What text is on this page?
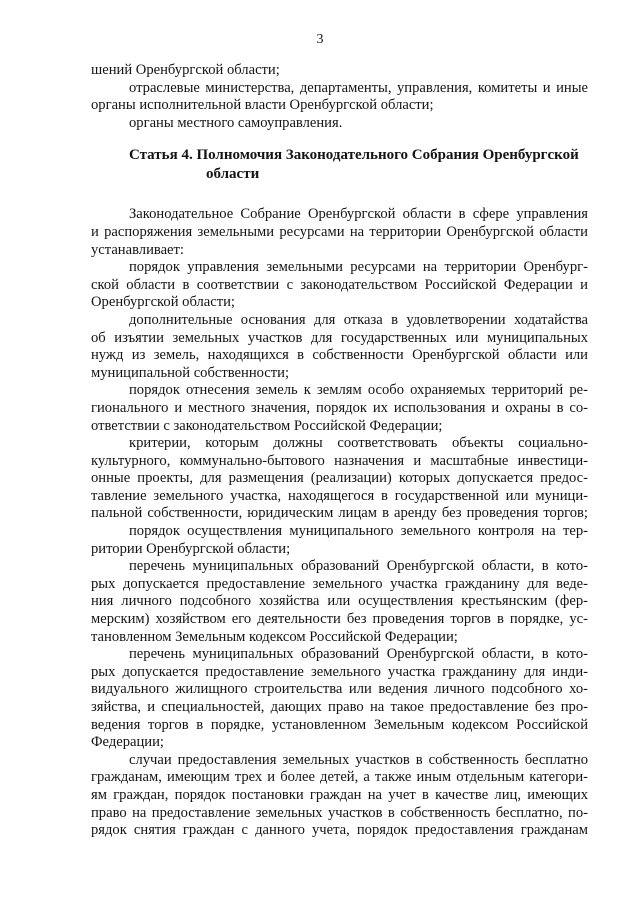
3
шений Оренбургской области;
отраслевые министерства, департаменты, управления, комитеты и иные
органы исполнительной власти Оренбургской области;
органы местного самоуправления.
Статья 4. Полномочия Законодательного Собрания Оренбургской
области
Законодательное Собрание Оренбургской области в сфере управления
и распоряжения земельными ресурсами на территории Оренбургской области
устанавливает:
порядок управления земельными ресурсами на территории Оренбург-
ской области в соответствии с законодательством Российской Федерации и
Оренбургской области;
дополнительные основания для отказа в удовлетворении ходатайства
об изъятии земельных участков для государственных или муниципальных
нужд из земель, находящихся в собственности Оренбургской области или
муниципальной собственности;
порядок отнесения земель к землям особо охраняемых территорий ре-
гионального и местного значения, порядок их использования и охраны в со-
ответствии с законодательством Российской Федерации;
критерии, которым должны соответствовать объекты социально-
культурного, коммунально-бытового назначения и масштабные инвестици-
онные проекты, для размещения (реализации) которых допускается предос-
тавление земельного участка, находящегося в государственной или муници-
пальной собственности, юридическим лицам в аренду без проведения торгов;
порядок осуществления муниципального земельного контроля на тер-
ритории Оренбургской области;
перечень муниципальных образований Оренбургской области, в кото-
рых допускается предоставление земельного участка гражданину для веде-
ния личного подсобного хозяйства или осуществления крестьянским (фер-
мерским) хозяйством его деятельности без проведения торгов в порядке, ус-
тановленном Земельным кодексом Российской Федерации;
перечень муниципальных образований Оренбургской области, в кото-
рых допускается предоставление земельного участка гражданину для инди-
видуального жилищного строительства или ведения личного подсобного хо-
зяйства, и специальностей, дающих право на такое предоставление без про-
ведения торгов в порядке, установленном Земельным кодексом Российской
Федерации;
случаи предоставления земельных участков в собственность бесплатно
гражданам, имеющим трех и более детей, а также иным отдельным категори-
ям граждан, порядок постановки граждан на учет в качестве лиц, имеющих
право на предоставление земельных участков в собственность бесплатно, по-
рядок снятия граждан с данного учета, порядок предоставления гражданам
